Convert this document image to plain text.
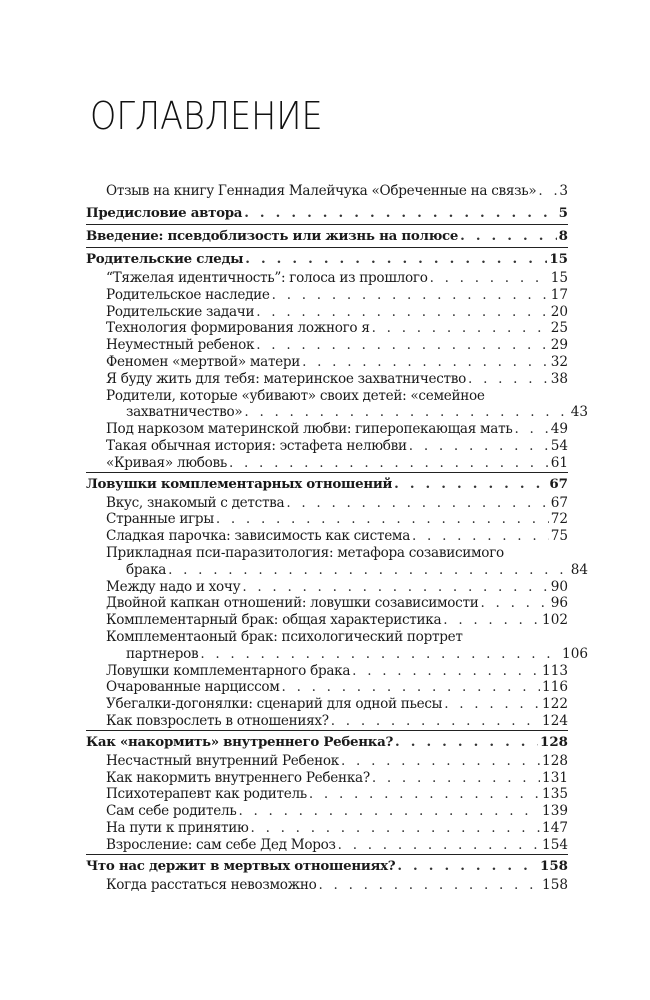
ОГЛАВЛЕНИЕ
Отзыв на книгу Геннадия Малейчука «Обреченные на связь» . . . 3
Предисловие автора . . .	5
Введение: псевдоблизость или жизнь на полюсе . . .	8
Родительские следы . . .	15
“Тяжелая идентичность”: голоса из прошлого . . .	15
Родительское наследие . . .	17
Родительские задачи . . .	20
Технология формирования ложного я . . .	25
Неуместный ребенок . . .	29
Феномен «мертвой» матери . . .	32
Я буду жить для тебя: материнское захватничество . . .	38
Родители, которые «убивают» своих детей: «семейное
захватничество» . . .	43
Под наркозом материнской любви: гиперопекающая мать . . .	49
Такая обычная история: эстафета нелюбви . . .	54
«Кривая» любовь . . .	61
Ловушки комплементарных отношений . . .	67
Вкус, знакомый с детства . . .	67
Странные игры . . .	72
Сладкая парочка: зависимость как система . . .	75
Прикладная пси-паразитология: метафора созависимого
брака . . .	84
Между надо и хочу . . .	90
Двойной капкан отношений: ловушки созависимости . . .	96
Комплементарный брак: общая характеристика . . .	102
Комплементаоный брак: психологический портрет
партнеров . . .	106
Ловушки комплементарного брака . . .	113
Очарованные нарциссом . . .	116
Убегалки-догонялки: сценарий для одной пьесы . . .	122
Как повзрослеть в отношениях? . . .	124
Как «накормить» внутреннего Ребенка? . . .	128
Несчастный внутренний Ребенок . . .	128
Как накормить внутреннего Ребенка? . . .	131
Психотерапевт как родитель . . .	135
Сам себе родитель . . .	139
На пути к принятию . . .	147
Взросление: сам себе Дед Мороз . . .	154
Что нас держит в мертвых отношениях? . . .	158
Когда расстаться невозможно . . .	158
